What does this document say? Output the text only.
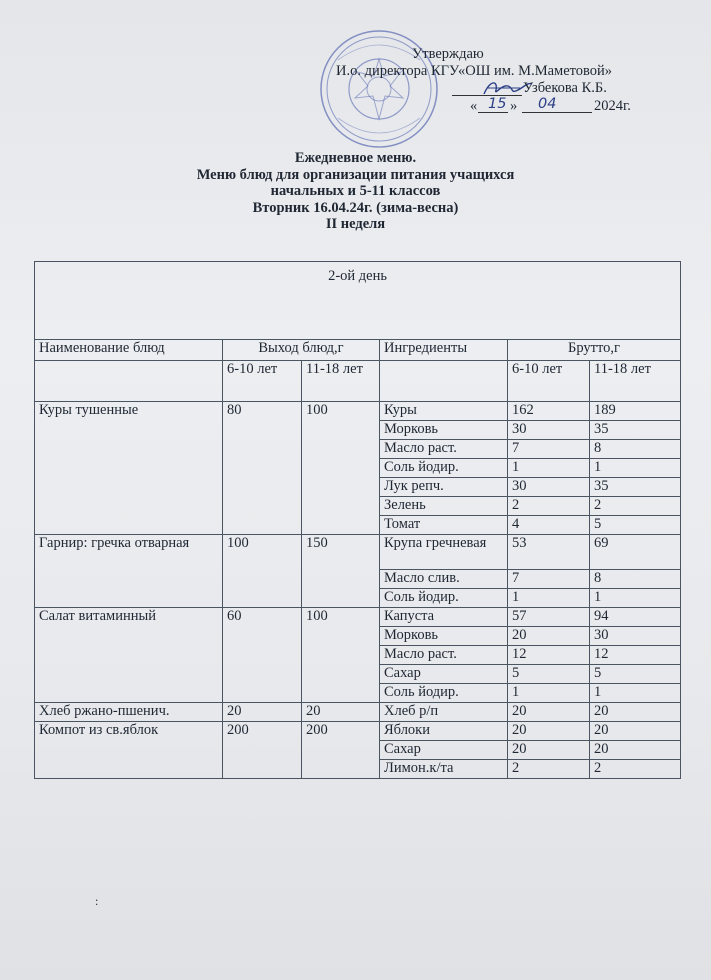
Утверждаю
И.о. директора КГУ«ОШ им. М.Маметовой»
Узбекова К.Б.
« 15 » 04	2024г.
Ежедневное меню.
Меню блюд для организации питания учащихся
начальных и 5-11 классов
Вторник 16.04.24г. (зима-весна)
II неделя
2-ой день					
Наименование блюд	Выход блюд,г		Ингредиенты	Брутто,г	
	6-10 лет	11-18 лет		6-10 лет	11-18 лет
Куры тушенные	80	100	Куры	162	189
			Морковь	30	35
			Масло раст.	7	8
			Соль йодир.	1	1
			Лук репч.	30	35
			Зелень	2	2
			Томат	4	5
Гарнир: гречка отварная	100	150	Крупа гречневая	53	69
			Масло слив.	7	8
			Соль йодир.	1	1
Салат витаминный	60	100	Капуста	57	94
			Морковь	20	30
			Масло раст.	12	12
			Сахар	5	5
			Соль йодир.	1	1
Хлеб ржано-пшенич.	20	20	Хлеб р/п	20	20
Компот из св.яблок	200	200	Яблоки	20	20
			Сахар	20	20
			Лимон.к/та	2	2
:
